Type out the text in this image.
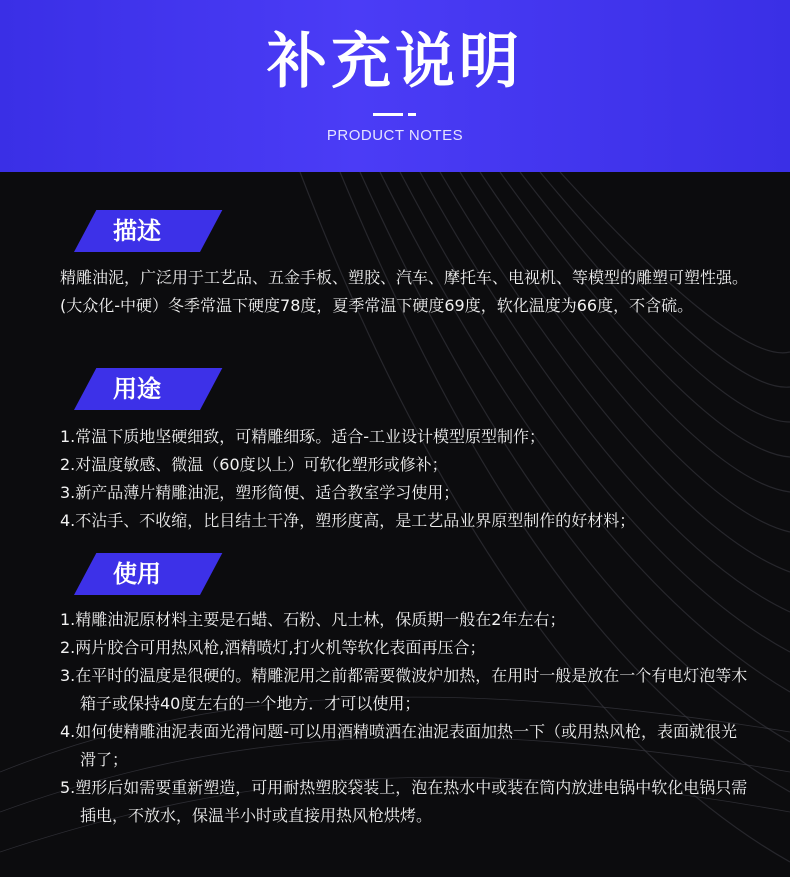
补充说明
PRODUCT NOTES
描述
精雕油泥，广泛用于工艺品、五金手板、塑胶、汽车、摩托车、电视机、等模型的雕塑可塑性强。(大众化-中硬）冬季常温下硬度78度，夏季常温下硬度69度，软化温度为66度，不含硫。
用途
1.常温下质地坚硬细致，可精雕细琢。适合-工业设计模型原型制作；
2.对温度敏感、微温（60度以上）可软化塑形或修补；
3.新产品薄片精雕油泥，塑形简便、适合教室学习使用；
4.不沾手、不收缩，比目结土干净，塑形度高，是工艺品业界原型制作的好材料；
使用
1.精雕油泥原材料主要是石蜡、石粉、凡士林，保质期一般在2年左右；
2.两片胶合可用热风枪,酒精喷灯,打火机等软化表面再压合；
3.在平时的温度是很硬的。精雕泥用之前都需要微波炉加热，在用时一般是放在一个有电灯泡等木箱子或保持40度左右的一个地方．才可以使用；
4.如何使精雕油泥表面光滑问题-可以用酒精喷洒在油泥表面加热一下（或用热风枪，表面就很光滑了；
5.塑形后如需要重新塑造，可用耐热塑胶袋装上，泡在热水中或装在筒内放进电锅中软化电锅只需插电，不放水，保温半小时或直接用热风枪烘烤。
